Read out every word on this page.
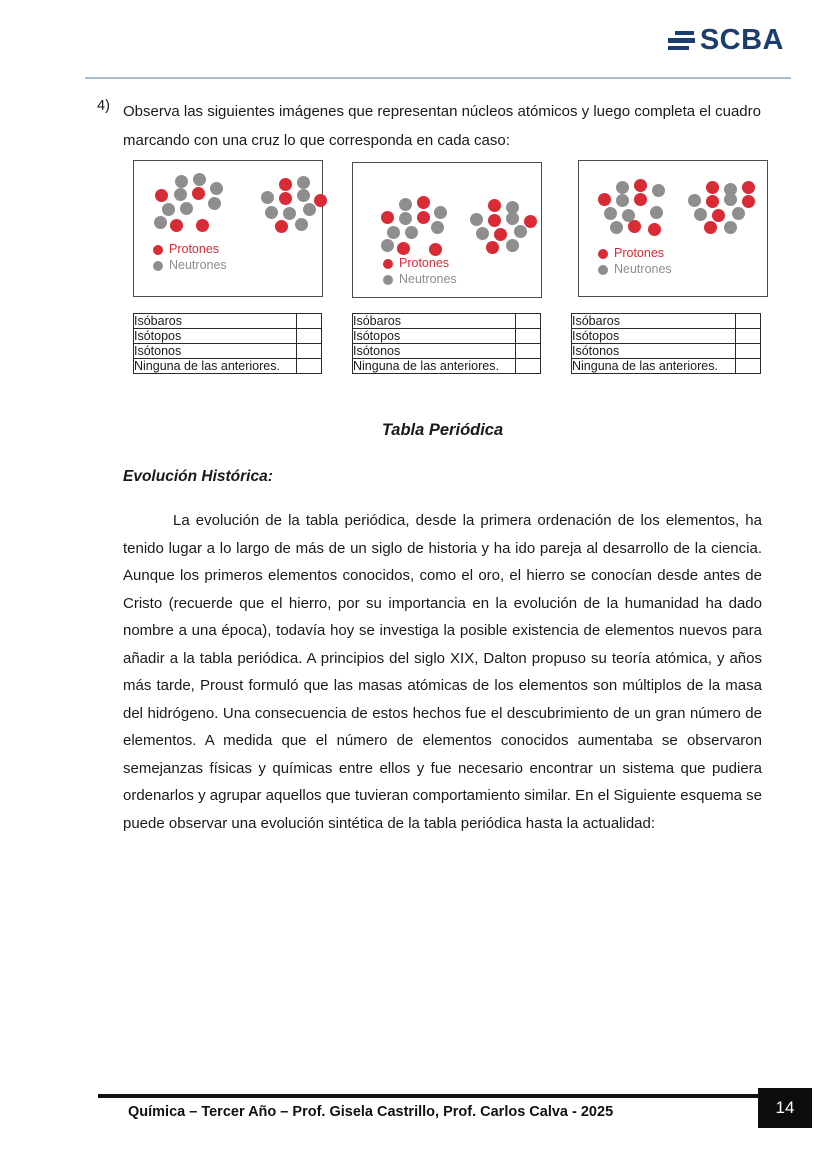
SCBA
4) Observa las siguientes imágenes que representan núcleos atómicos y luego completa el cuadro marcando con una cruz lo que corresponda en cada caso:
Protones
Neutrones	Protones
Neutrones
Protones
Neutrones
Isóbaros	
Isótopos	
Isótonos	
Ninguna de las anteriores.	
Isóbaros	
Isótopos	
Isótonos	
Ninguna de las anteriores.	
Isóbaros	
Isótopos	
Isótonos	
Ninguna de las anteriores.	
Tabla Periódica
Evolución Histórica:
La evolución de la tabla periódica, desde la primera ordenación de los elementos, ha tenido lugar a lo largo de más de un siglo de historia y ha ido pareja al desarrollo de la ciencia. Aunque los primeros elementos conocidos, como el oro, el hierro se conocían desde antes de Cristo (recuerde que el hierro, por su importancia en la evolución de la humanidad ha dado nombre a una época), todavía hoy se investiga la posible existencia de elementos nuevos para añadir a la tabla periódica. A principios del siglo XIX, Dalton propuso su teoría atómica, y años más tarde, Proust formuló que las masas atómicas de los elementos son múltiplos de la masa del hidrógeno. Una consecuencia de estos hechos fue el descubrimiento de un gran número de elementos. A medida que el número de elementos conocidos aumentaba se observaron semejanzas físicas y químicas entre ellos y fue necesario encontrar un sistema que pudiera ordenarlos y agrupar aquellos que tuvieran comportamiento similar. En el Siguiente esquema se puede observar una evolución sintética de la tabla periódica hasta la actualidad:
Química – Tercer Año – Prof. Gisela Castrillo, Prof. Carlos Calva - 2025	14
